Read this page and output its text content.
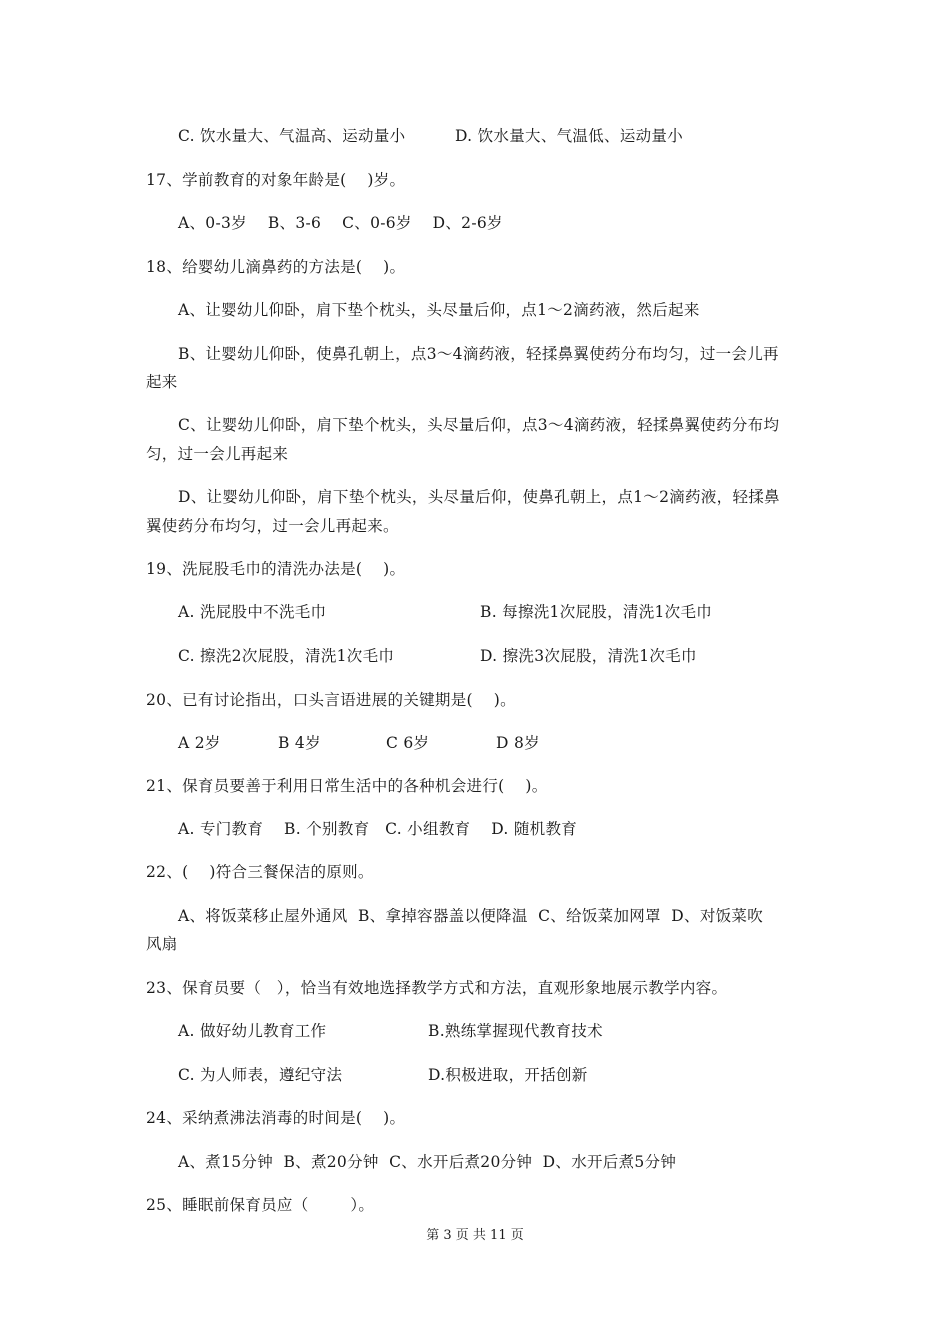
C. 饮水量大、气温高、运动量小	D. 饮水量大、气温低、运动量小
17、学前教育的对象年龄是(    )岁。
A、0-3岁    B、3-6    C、0-6岁    D、2-6岁
18、给婴幼儿滴鼻药的方法是(    )。
A、让婴幼儿仰卧，肩下垫个枕头，头尽量后仰，点1～2滴药液，然后起来
B、让婴幼儿仰卧，使鼻孔朝上，点3～4滴药液，轻揉鼻翼使药分布均匀，过一会儿再
起来
C、让婴幼儿仰卧，肩下垫个枕头，头尽量后仰，点3～4滴药液，轻揉鼻翼使药分布均
匀，过一会儿再起来
D、让婴幼儿仰卧，肩下垫个枕头，头尽量后仰，使鼻孔朝上，点1～2滴药液，轻揉鼻
翼使药分布均匀，过一会儿再起来。
19、洗屁股毛巾的清洗办法是(    )。
A. 洗屁股中不洗毛巾	B. 每擦洗1次屁股，清洗1次毛巾
C. 擦洗2次屁股，清洗1次毛巾	D. 擦洗3次屁股，清洗1次毛巾
20、已有讨论指出，口头言语进展的关键期是(    )。
A 2岁	B 4岁	C 6岁	D 8岁
21、保育员要善于利用日常生活中的各种机会进行(    )。
A. 专门教育    B. 个别教育   C. 小组教育    D. 随机教育
22、(    )符合三餐保洁的原则。
A、将饭菜移止屋外通风  B、拿掉容器盖以便降温  C、给饭菜加网罩  D、对饭菜吹
风扇
23、保育员要（   ），恰当有效地选择教学方式和方法，直观形象地展示教学内容。
A. 做好幼儿教育工作	B.熟练掌握现代教育技术
C. 为人师表，遵纪守法	D.积极进取，开括创新
24、采纳煮沸法消毒的时间是(    )。
A、煮15分钟  B、煮20分钟  C、水开后煮20分钟  D、水开后煮5分钟
25、睡眠前保育员应（        ）。
第 3 页 共 11 页
